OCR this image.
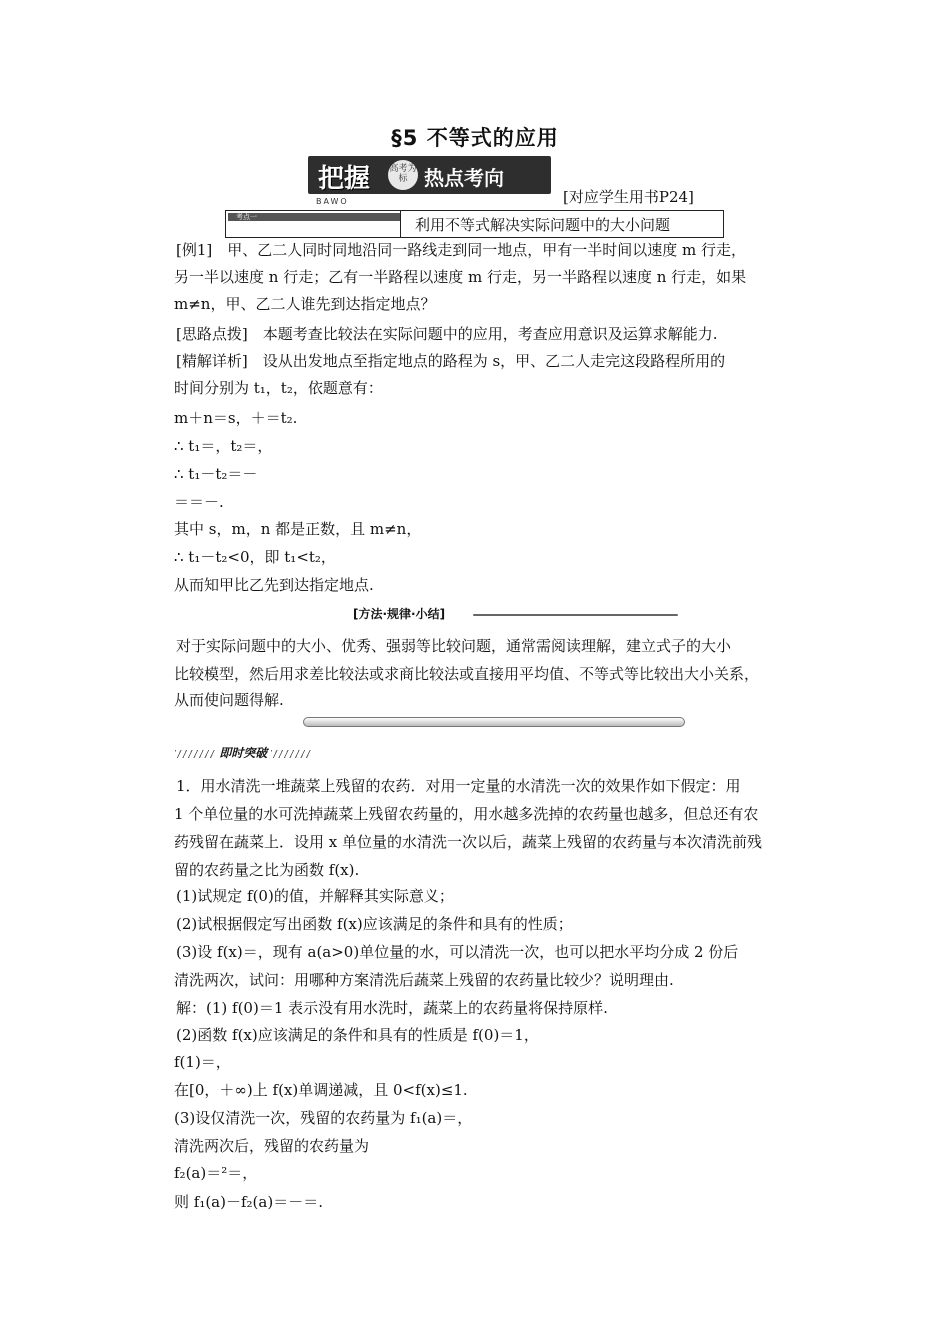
§5 不等式的应用
把握 高考为标 热点考向
BAWO	[对应学生用书P24]
考点一	利用不等式解决实际问题中的大小问题
[例1]　甲、乙二人同时同地沿同一路线走到同一地点，甲有一半时间以速度 m 行走，
另一半以速度 n 行走；乙有一半路程以速度 m 行走，另一半路程以速度 n 行走，如果
m≠n，甲、乙二人谁先到达指定地点？
[思路点拨]　本题考查比较法在实际问题中的应用，考查应用意识及运算求解能力.
[精解详析]　设从出发地点至指定地点的路程为 s，甲、乙二人走完这段路程所用的
时间分别为 t₁，t₂，依题意有：
m＋n＝s，＋＝t₂.
∴ t₁＝，t₂＝，
∴ t₁－t₂＝－
＝＝－.
其中 s，m，n 都是正数，且 m≠n，
∴ t₁－t₂<0，即 t₁<t₂，
从而知甲比乙先到达指定地点.
[方法·规律·小结]
对于实际问题中的大小、优秀、强弱等比较问题，通常需阅读理解，建立式子的大小
比较模型，然后用求差比较法或求商比较法或直接用平均值、不等式等比较出大小关系，
从而使问题得解.
即时突破
1．用水清洗一堆蔬菜上残留的农药．对用一定量的水清洗一次的效果作如下假定：用
1 个单位量的水可洗掉蔬菜上残留农药量的，用水越多洗掉的农药量也越多，但总还有农
药残留在蔬菜上．设用 x 单位量的水清洗一次以后，蔬菜上残留的农药量与本次清洗前残
留的农药量之比为函数 f(x).
(1)试规定 f(0)的值，并解释其实际意义；
(2)试根据假定写出函数 f(x)应该满足的条件和具有的性质；
(3)设 f(x)＝，现有 a(a>0)单位量的水，可以清洗一次，也可以把水平均分成 2 份后
清洗两次，试问：用哪种方案清洗后蔬菜上残留的农药量比较少？说明理由.
解：(1) f(0)＝1 表示没有用水洗时，蔬菜上的农药量将保持原样.
(2)函数 f(x)应该满足的条件和具有的性质是 f(0)＝1，
f(1)＝，
在[0，＋∞)上 f(x)单调递减，且 0<f(x)≤1.
(3)设仅清洗一次，残留的农药量为 f₁(a)＝，
清洗两次后，残留的农药量为
f₂(a)＝²＝，
则 f₁(a)－f₂(a)＝－＝.
